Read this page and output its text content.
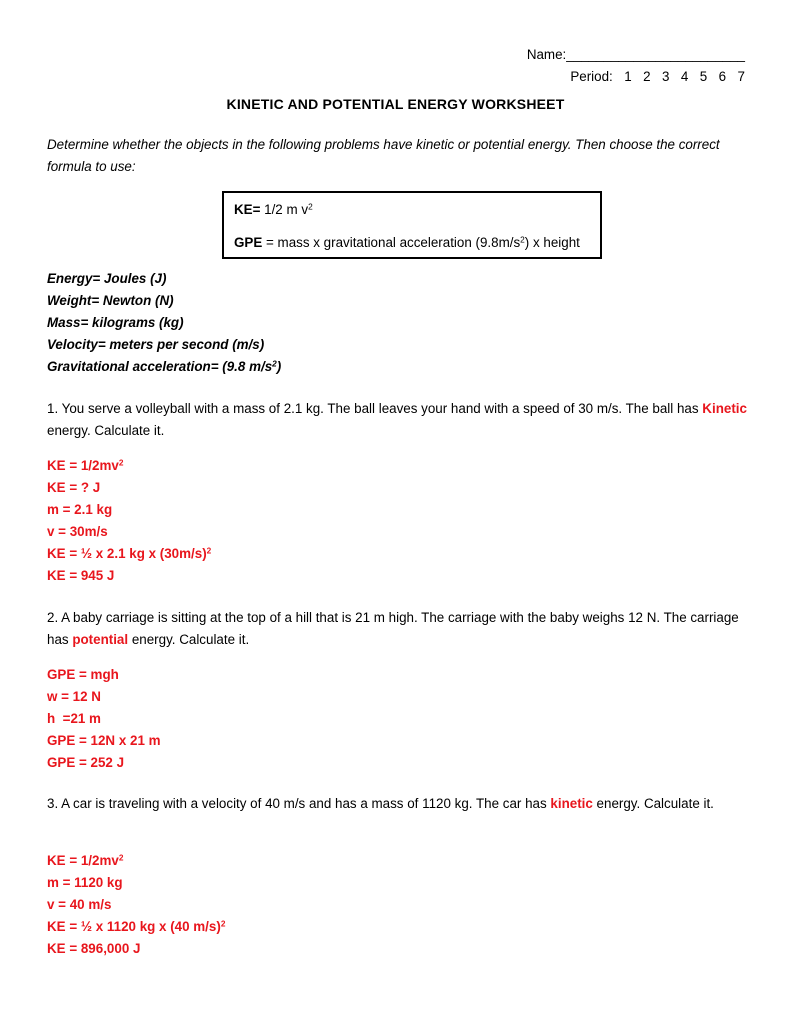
Name:________________________
Period: 1  2  3  4  5  6  7
KINETIC AND POTENTIAL ENERGY WORKSHEET
Determine whether the objects in the following problems have kinetic or potential energy. Then choose the correct formula to use:
KE= 1/2 m $v^2$
GPE = mass x gravitational acceleration $(9.8m/s^2)$ x height
Energy= Joules (J)
Weight= Newton (N)
Mass= kilograms (kg)
Velocity= meters per second (m/s)
Gravitational acceleration= (9.8 $m/s^2$)
1. You serve a volleyball with a mass of 2.1 kg. The ball leaves your hand with a speed of 30 m/s. The ball has Kinetic energy. Calculate it.
KE = $1/2mv^2$
KE = ? J
m = 2.1 kg
v = 30m/s
KE = ½ x 2.1 kg x $(30m/s)^2$
KE = 945 J
2. A baby carriage is sitting at the top of a hill that is 21 m high. The carriage with the baby weighs 12 N. The carriage has potential energy. Calculate it.
GPE = mgh
w = 12 N
h  =21 m
GPE = 12N x 21 m
GPE = 252 J
3. A car is traveling with a velocity of 40 m/s and has a mass of 1120 kg. The car has kinetic energy. Calculate it.
KE = $1/2mv^2$
m = 1120 kg
v = 40 m/s
KE = ½ x 1120 kg x (40 m/s)$^2$
KE = 896,000 J
